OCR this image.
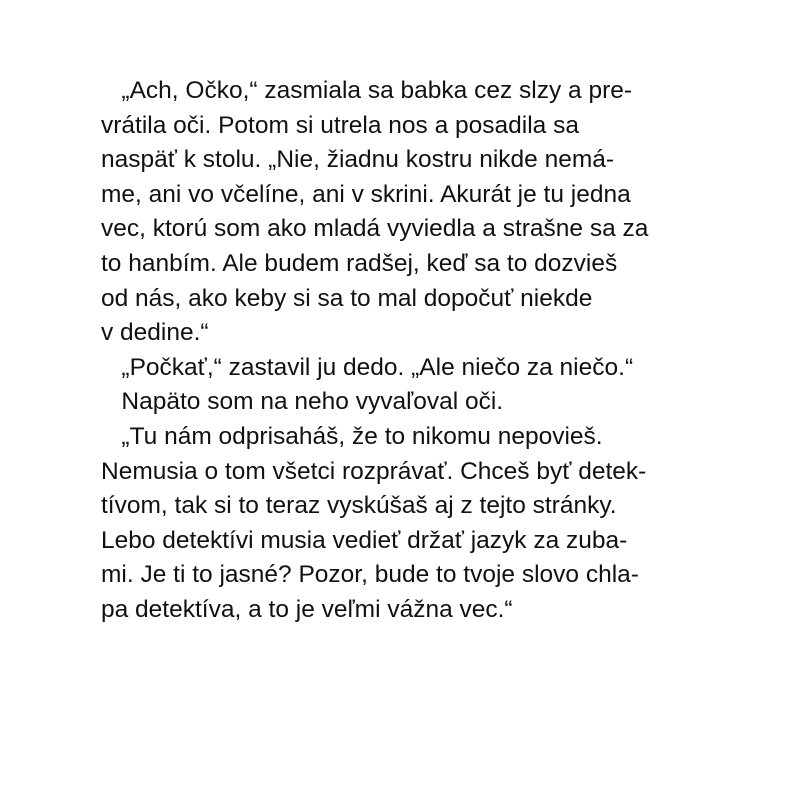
„Ach, Očko,“ zasmiala sa babka cez slzy a pre-
vrátila oči. Potom si utrela nos a posadila sa
naspäť k stolu. „Nie, žiadnu kostru nikde nemá-
me, ani vo včelíne, ani v skrini. Akurát je tu jedna
vec, ktorú som ako mladá vyviedla a strašne sa za
to hanbím. Ale budem radšej, keď sa to dozvieš
od nás, ako keby si sa to mal dopočuť niekde
v dedine.“
„Počkať,“ zastavil ju dedo. „Ale niečo za niečo.“
Napäto som na neho vyvaľoval oči.
„Tu nám odprisaháš, že to nikomu nepovieš.
Nemusia o tom všetci rozprávať. Chceš byť detek-
tívom, tak si to teraz vyskúšaš aj z tejto stránky.
Lebo detektívi musia vedieť držať jazyk za zuba-
mi. Je ti to jasné? Pozor, bude to tvoje slovo chla-
pa detektíva, a to je veľmi vážna vec.“
